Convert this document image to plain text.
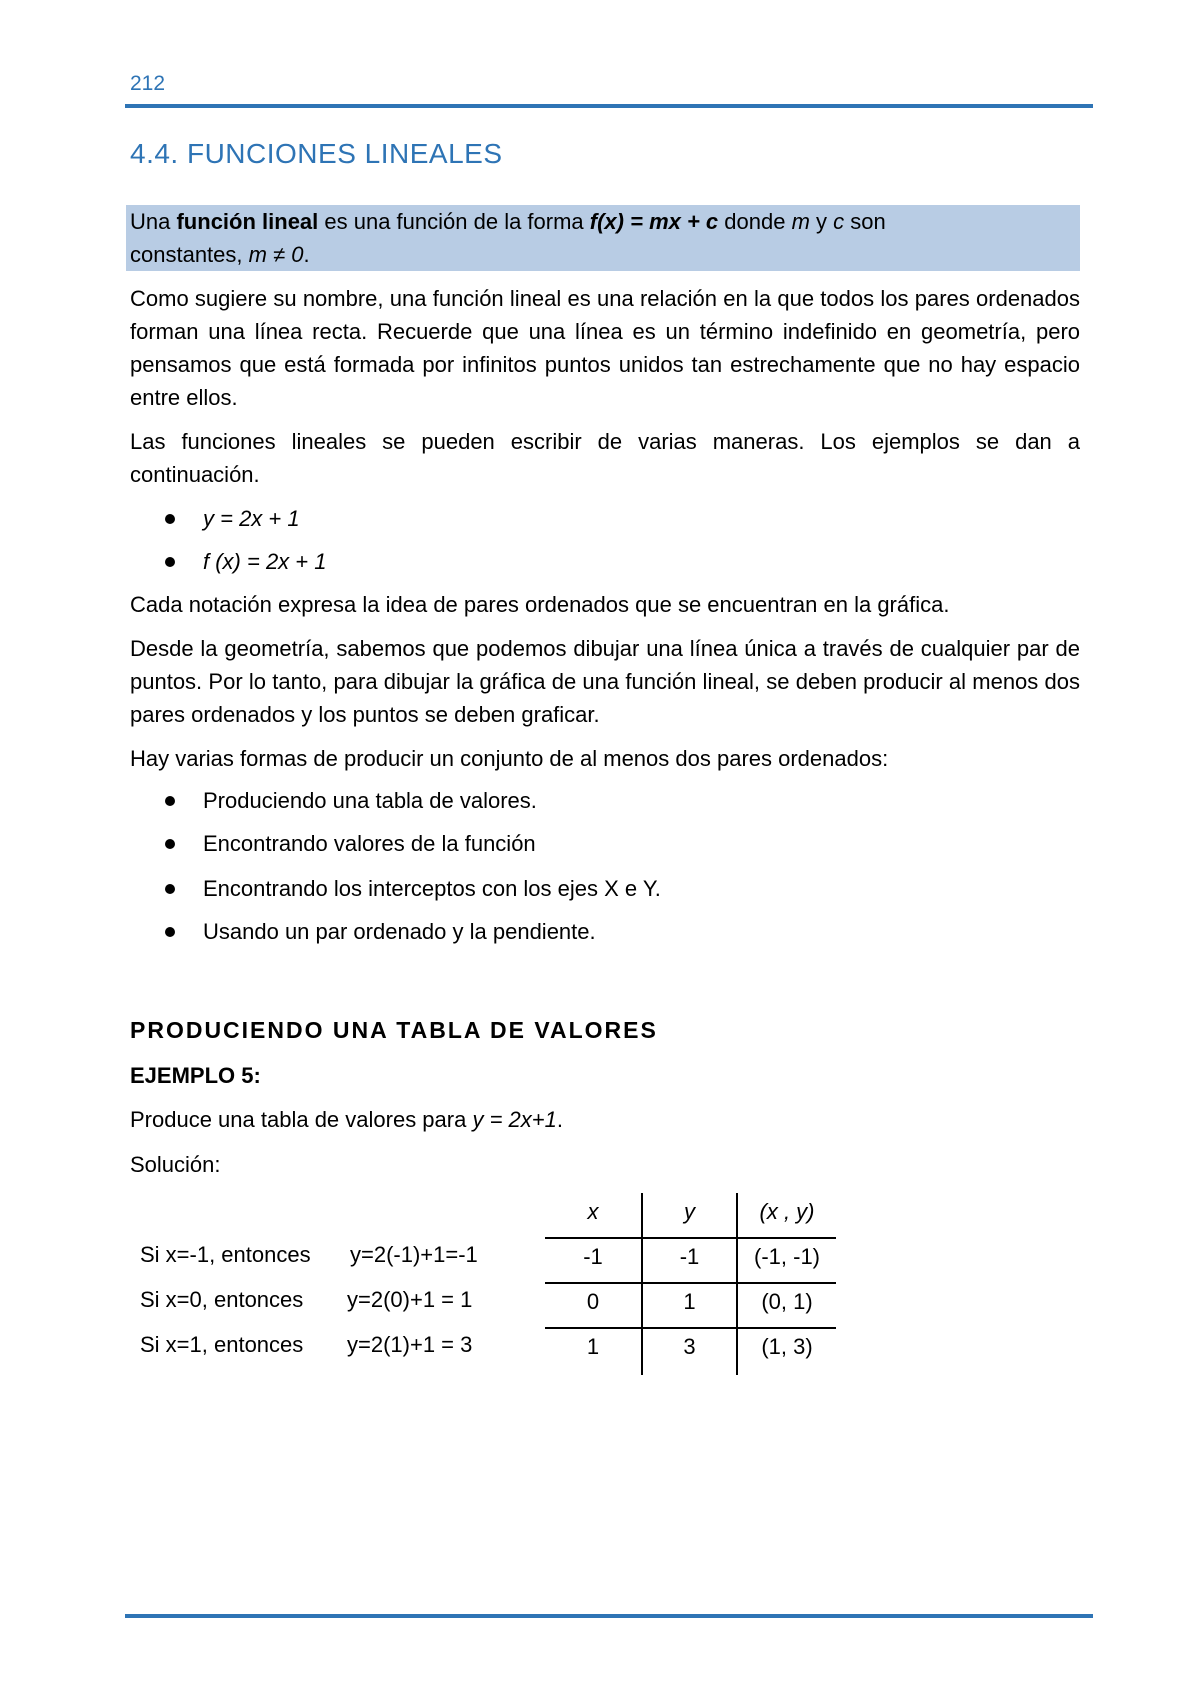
212
4.4. FUNCIONES LINEALES
Una función lineal es una función de la forma f(x) = mx + c donde m y c son
constantes, m ≠ 0.
Como sugiere su nombre, una función lineal es una relación en la que todos los pares ordenados forman una línea recta. Recuerde que una línea es un término indefinido en geometría, pero pensamos que está formada por infinitos puntos unidos tan estrechamente que no hay espacio entre ellos.
Las funciones lineales se pueden escribir de varias maneras. Los ejemplos se dan a continuación.
y = 2x + 1
f (x) = 2x + 1
Cada notación expresa la idea de pares ordenados que se encuentran en la gráfica.
Desde la geometría, sabemos que podemos dibujar una línea única a través de cualquier par de puntos. Por lo tanto, para dibujar la gráfica de una función lineal, se deben producir al menos dos pares ordenados y los puntos se deben graficar.
Hay varias formas de producir un conjunto de al menos dos pares ordenados:
Produciendo una tabla de valores.
Encontrando valores de la función
Encontrando los interceptos con los ejes X e Y.
Usando un par ordenado y la pendiente.
PRODUCIENDO UNA TABLA DE VALORES
EJEMPLO 5:
Produce una tabla de valores para y = 2x+1.
Solución:
Si x=-1, entonces y=2(-1)+1=-1
Si x=0, entonces y=2(0)+1 = 1
Si x=1, entonces y=2(1)+1 = 3
x	y	(x , y)
-1	-1	(-1, -1)
0	1	(0, 1)
1	3	(1, 3)
